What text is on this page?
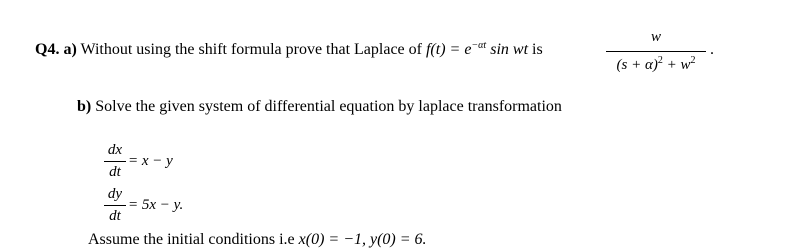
Q4. a) Without using the shift formula prove that Laplace of $f(t) = e^{-\alpha t}$ sin wt is
w
$(s + \alpha)^2 + w^2$
.
b) Solve the given system of differential equation by laplace transformation
dx
dt
= x − y
dy
dt
= 5x − y.
Assume the initial conditions i.e x(0) = −1, y(0) = 6.
